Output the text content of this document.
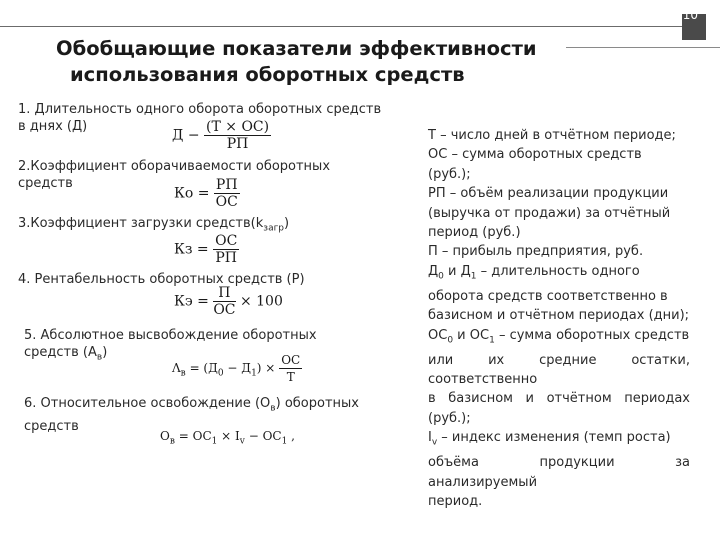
10
Обобщающие показатели эффективности
использования оборотных средств
1. Длительность одного оборота оборотных средств
в днях (Д)
$Д - \frac{(Т \times ОС)}{РП}$
2.Коэффициент оборачиваемости оборотных
средств
Ко = $\frac{РП}{ОС}$
3.Коэффициент загрузки $средств(k_{загр})$
Кз = $\frac{ОС}{РП}$
4. Рентабельность оборотных средств (Р)
Кэ = $\frac{П}{ОС} \times 100$
5. Абсолютное высвобождение оборотных
средств $(А_в)$
$\Lambda_в = (Д_0 - Д_1) \times \frac{ОС}{Т}$
6. Относительное освобождение $(О_в)$ оборотных
средств
$О_в = ОС_1 \times I_v - ОС_1$ ,

Т – число дней в отчётном периоде;

ОС – сумма оборотных средств

(руб.);

РП – объём реализации продукции

(выручка от продажи) за отчётный

период (руб.)

П – прибыль предприятия, руб.

$Д_0$ и $Д_1$ – длительность одного

оборота средств соответственно в

базисном и отчётном периодах (дни);

$ОС_0$ и $ОС_1$ – сумма оборотных средств

или их средние остатки, соответственно

в базисном и отчётном периодах (руб.);

$I_v$ – индекс изменения (темп роста)

объёма продукции за анализируемый

период.
